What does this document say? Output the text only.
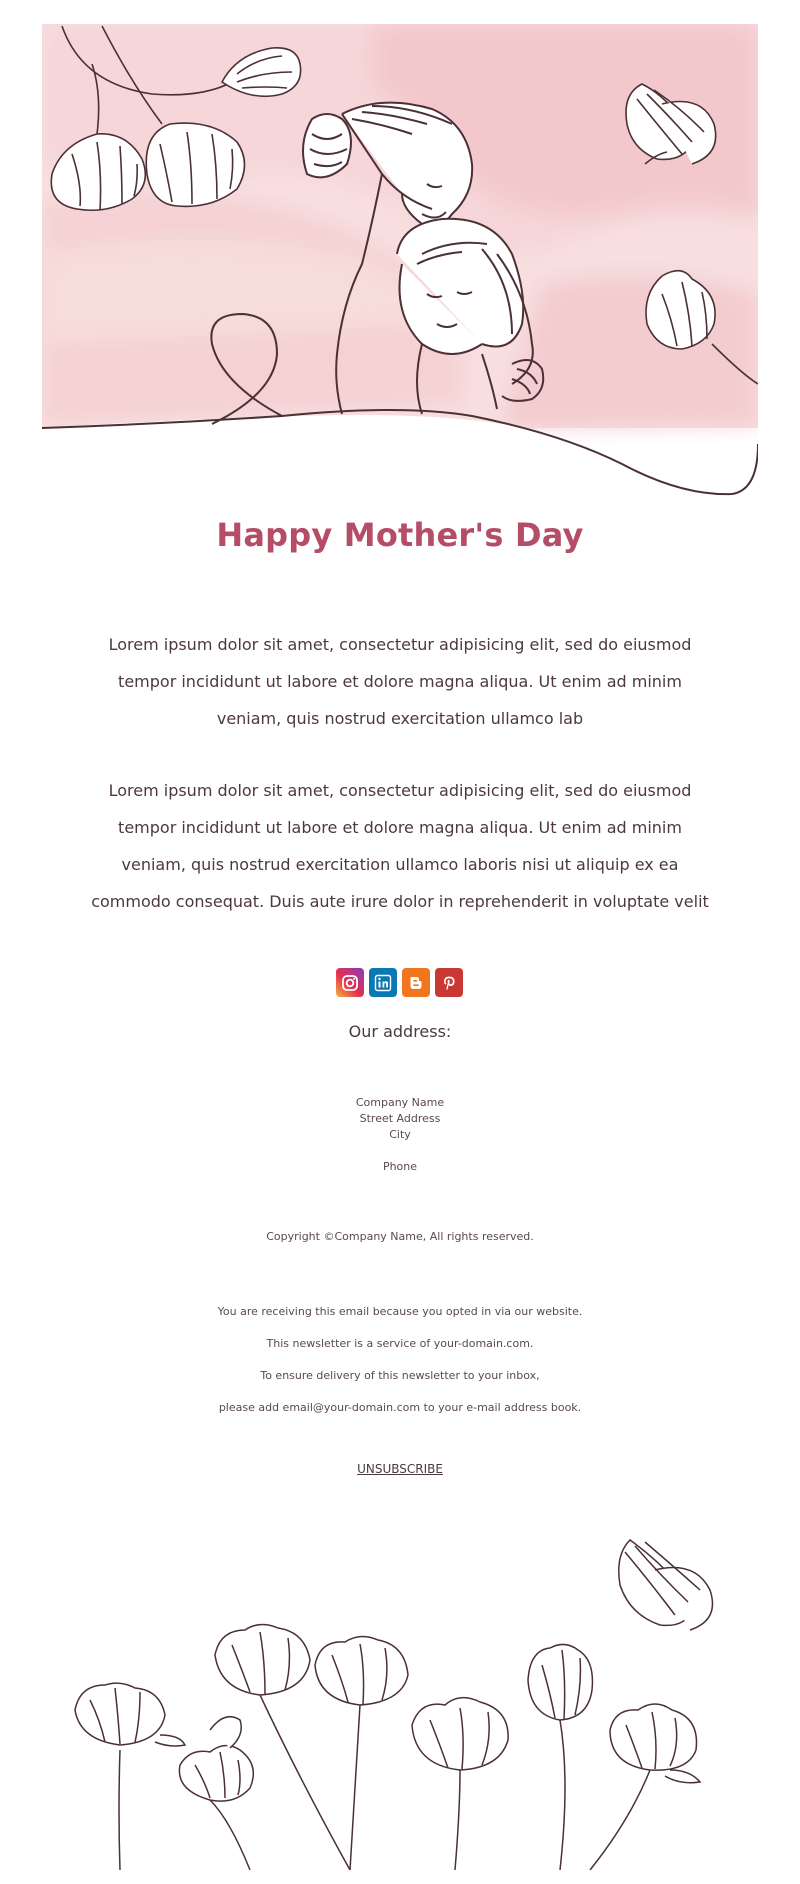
Happy Mother's Day
Lorem ipsum dolor sit amet, consectetur adipisicing elit, sed do eiusmod tempor incididunt ut labore et dolore magna aliqua. Ut enim ad minim veniam, quis nostrud exercitation ullamco lab
Lorem ipsum dolor sit amet, consectetur adipisicing elit, sed do eiusmod tempor incididunt ut labore et dolore magna aliqua. Ut enim ad minim veniam, quis nostrud exercitation ullamco laboris nisi ut aliquip ex ea commodo consequat. Duis aute irure dolor in reprehenderit in voluptate velit
Our address:
Company Name
Street Address
City
Phone
Copyright ©Company Name, All rights reserved.
You are receiving this email because you opted in via our website.
This newsletter is a service of your-domain.com.
To ensure delivery of this newsletter to your inbox,
please add email@your-domain.com to your e-mail address book.
UNSUBSCRIBE
